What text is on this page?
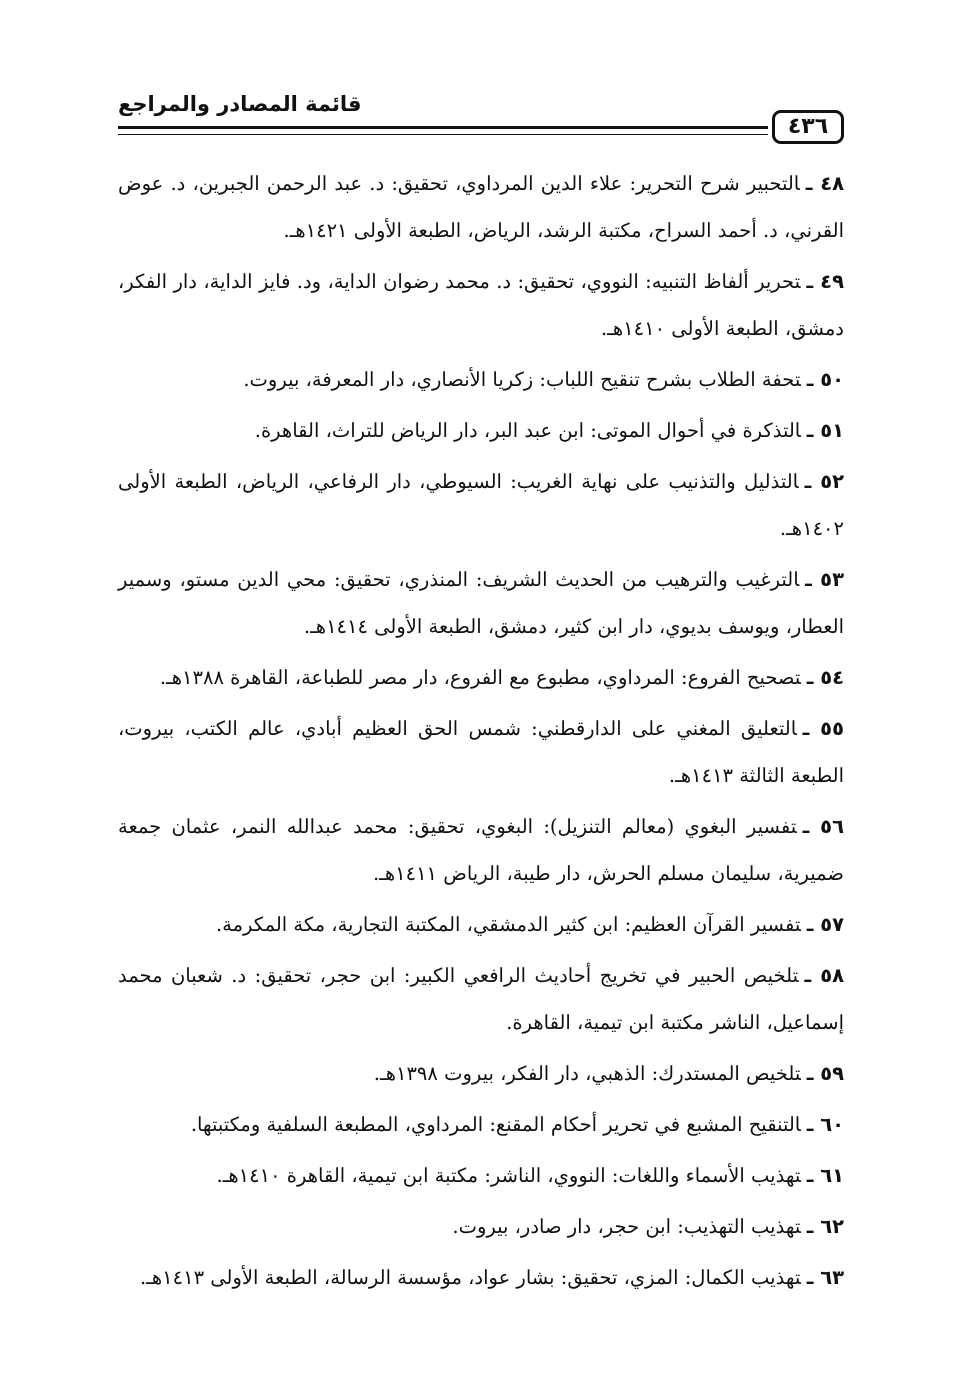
٤٣٦
قائمة المصادر والمراجع
٤٨ ـالتحبير شرح التحرير: علاء الدين المرداوي، تحقيق: د. عبد الرحمن الجبرين، د. عوض القرني، د. أحمد السراح، مكتبة الرشد، الرياض، الطبعة الأولى ١٤٢١هـ.
٤٩ ـتحرير ألفاظ التنبيه: النووي، تحقيق: د. محمد رضوان الداية، ود. فايز الداية، دار الفكر، دمشق، الطبعة الأولى ١٤١٠هـ.
٥٠ ـتحفة الطلاب بشرح تنقيح اللباب: زكريا الأنصاري، دار المعرفة، بيروت.
٥١ ـالتذكرة في أحوال الموتى: ابن عبد البر، دار الرياض للتراث، القاهرة.
٥٢ ـالتذليل والتذنيب على نهاية الغريب: السيوطي، دار الرفاعي، الرياض، الطبعة الأولى ١٤٠٢هـ.
٥٣ ـالترغيب والترهيب من الحديث الشريف: المنذري، تحقيق: محي الدين مستو، وسمير العطار، ويوسف بديوي، دار ابن كثير، دمشق، الطبعة الأولى ١٤١٤هـ.
٥٤ ـتصحيح الفروع: المرداوي، مطبوع مع الفروع، دار مصر للطباعة، القاهرة ١٣٨٨هـ.
٥٥ ـالتعليق المغني على الدارقطني: شمس الحق العظيم أبادي، عالم الكتب، بيروت، الطبعة الثالثة ١٤١٣هـ.
٥٦ ـتفسير البغوي (معالم التنزيل): البغوي، تحقيق: محمد عبدالله النمر، عثمان جمعة ضميرية، سليمان مسلم الحرش، دار طيبة، الرياض ١٤١١هـ.
٥٧ ـتفسير القرآن العظيم: ابن كثير الدمشقي، المكتبة التجارية، مكة المكرمة.
٥٨ ـتلخيص الحبير في تخريج أحاديث الرافعي الكبير: ابن حجر، تحقيق: د. شعبان محمد إسماعيل، الناشر مكتبة ابن تيمية، القاهرة.
٥٩ ـتلخيص المستدرك: الذهبي، دار الفكر، بيروت ١٣٩٨هـ.
٦٠ ـالتنقيح المشبع في تحرير أحكام المقنع: المرداوي، المطبعة السلفية ومكتبتها.
٦١ ـتهذيب الأسماء واللغات: النووي، الناشر: مكتبة ابن تيمية، القاهرة ١٤١٠هـ.
٦٢ ـتهذيب التهذيب: ابن حجر، دار صادر، بيروت.
٦٣ ـتهذيب الكمال: المزي، تحقيق: بشار عواد، مؤسسة الرسالة، الطبعة الأولى ١٤١٣هـ.
